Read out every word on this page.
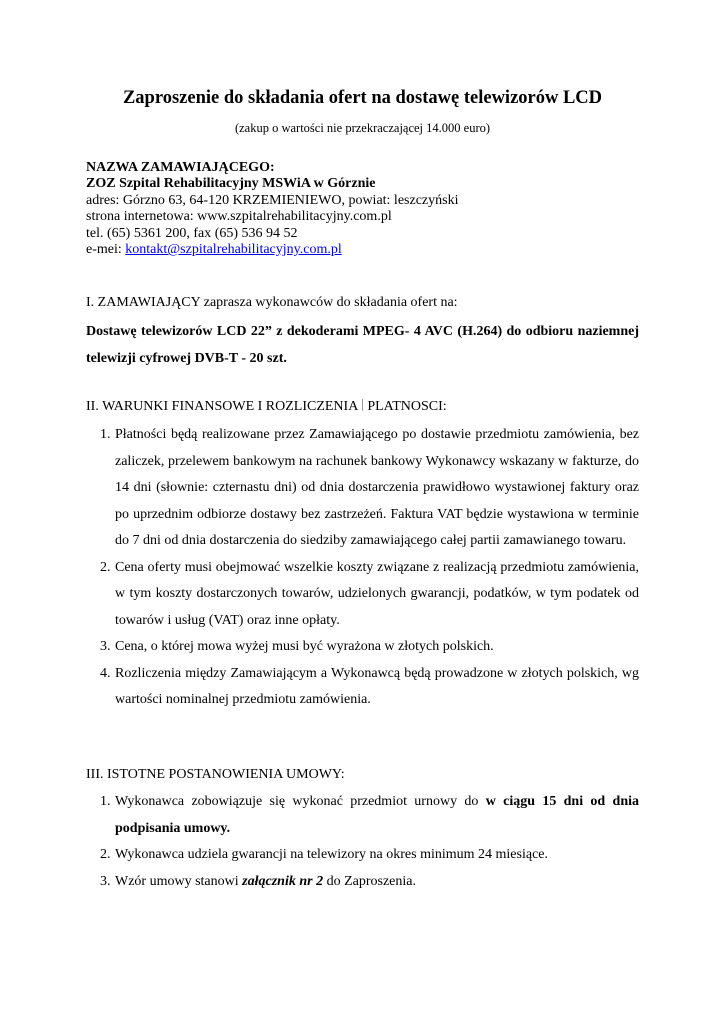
Zaproszenie do składania ofert na dostawę telewizorów LCD

(zakup o wartości nie przekraczającej 14.000 euro)

NAZWA ZAMAWIAJĄCEGO:
ZOZ Szpital Rehabilitacyjny MSWiA w Górznie
adres: Górzno 63, 64-120 KRZEMIENIEWO, powiat: leszczyński
strona internetowa: www.szpitalrehabilitacyjny.com.pl
tel. (65) 5361 200, fax (65) 536 94 52
e-mei: kontakt@szpitalrehabilitacyjny.com.pl
I. ZAMAWIAJĄCY zaprasza wykonawców do składania ofert na:
Dostawę telewizorów LCD 22” z dekoderami MPEG- 4 AVC (H.264) do odbioru naziemnej telewizji cyfrowej DVB-T - 20 szt.
II. WARUNKI FINANSOWE I ROZLICZENIA PLATNOSCI:
1. Płatności będą realizowane przez Zamawiającego po dostawie przedmiotu zamówienia, bez zaliczek, przelewem bankowym na rachunek bankowy Wykonawcy wskazany w fakturze, do 14 dni (słownie: czternastu dni) od dnia dostarczenia prawidłowo wystawionej faktury oraz po uprzednim odbiorze dostawy bez zastrzeżeń. Faktura VAT będzie wystawiona w terminie do 7 dni od dnia dostarczenia do siedziby zamawiającego całej partii zamawianego towaru.
2. Cena oferty musi obejmować wszelkie koszty związane z realizacją przedmiotu zamówienia, w tym koszty dostarczonych towarów, udzielonych gwarancji, podatków, w tym podatek od towarów i usług (VAT) oraz inne opłaty.
3. Cena, o której mowa wyżej musi być wyrażona w złotych polskich.
4. Rozliczenia między Zamawiającym a Wykonawcą będą prowadzone w złotych polskich, wg wartości nominalnej przedmiotu zamówienia.
III. ISTOTNE POSTANOWIENIA UMOWY:
1. Wykonawca zobowiązuje się wykonać przedmiot urnowy do w ciągu 15 dni od dnia podpisania umowy.
2. Wykonawca udziela gwarancji na telewizory na okres minimum 24 miesiące.
3. Wzór umowy stanowi załącznik nr 2 do Zaproszenia.
